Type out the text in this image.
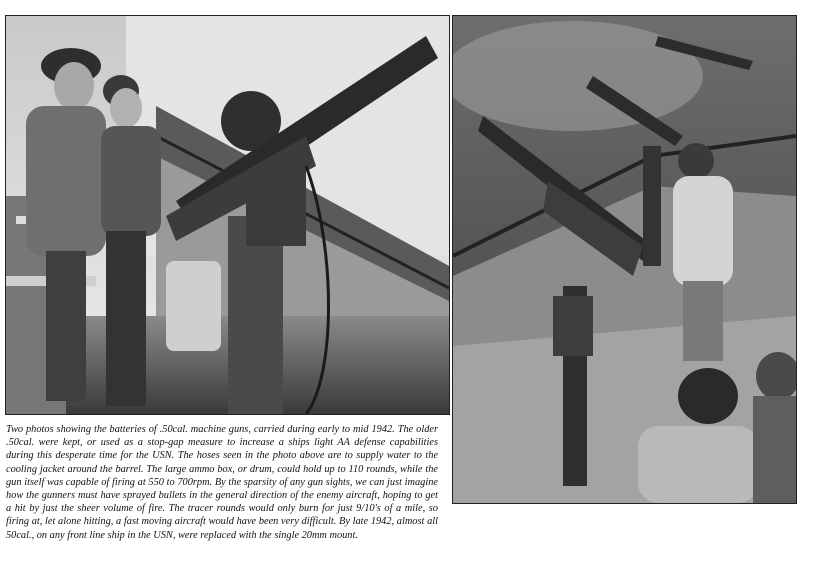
Two photos showing the batteries of .50cal. machine guns, carried during early to mid 1942. The older .50cal. were kept, or used as a stop-gap measure to increase a ships light AA defense capabilities during this desperate time for the USN. The hoses seen in the photo above are to supply water to the cooling jacket around the barrel. The large ammo box, or drum, could hold up to 110 rounds, while the gun itself was capable of firing at 550 to 700rpm. By the sparsity of any gun sights, we can just imagine how the gunners must have sprayed bullets in the general direction of the enemy aircraft, hoping to get a hit by just the sheer volume of fire. The tracer rounds would only burn for just 9/10's of a mile, so firing at, let alone hitting, a fast moving aircraft would have been very difficult. By late 1942, almost all 50cal., on any front line ship in the USN, were replaced with the single 20mm mount.
